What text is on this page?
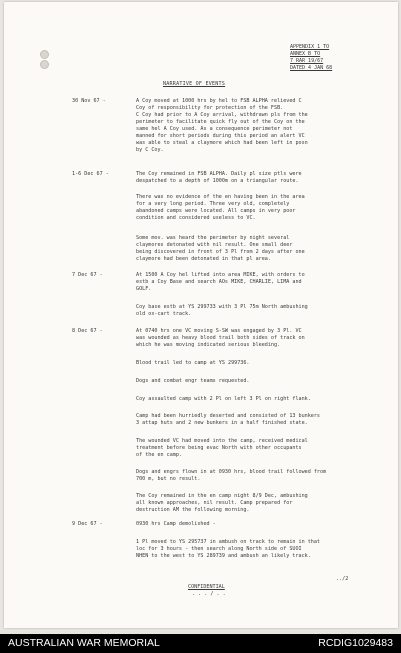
APPENDIX 1 TO
ANNEX B TO
7 RAR 19/67
DATED 4 JAN 68
NARRATIVE OF EVENTS
30 Nov 67 -	A Coy moved at 1000 hrs by hel to FSB ALPHA relieved C
Coy of responsibility for protection of the FSB.
C Coy had prior to A Coy arrival, withdrawn pls from the
perimeter to facilitate quick fly out of the Coy on the
same hel A Coy used. As a consequence perimeter not
manned for short periods during this period an alert VC
was able to steal a claymore which had been left in posn
by C Coy.
1-6 Dec 67 -	The Coy remained in FSB ALPHA. Daily pl size ptls were
despatched to a depth of 1000m on a triangular route.
There was no evidence of the en having been in the area
for a very long period. Three very old, completely
abandoned camps were located. All camps in very poor
condition and considered useless to VC.
Some mov. was heard the perimeter by night several
claymores detonated with nil result. One small deer
being discovered in front of 3 Pl from 2 days after one
claymore had been detonated in that pl area.
7 Dec 67 -	At 1500 A Coy hel lifted into area MIKE, with orders to
estb a Coy Base and search AOs MIKE, CHARLIE, LIMA and
GOLF.
Coy base estb at YS 299733 with 3 Pl 75m North ambushing
old ox-cart track.
8 Dec 67 -	At 0740 hrs one VC moving S-SW was engaged by 3 Pl. VC
was wounded as heavy blood trail both sides of track on
which he was moving indicated serious bleeding.
Blood trail led to camp at YS 299736.
Dogs and combat engr teams requested.
Coy assaulted camp with 2 Pl on left 3 Pl on right flank.
Camp had been hurriedly deserted and consisted of 13 bunkers
3 attap huts and 2 new bunkers in a half finished state.
The wounded VC had moved into the camp, received medical
treatment before being evac North with other occupants
of the en camp.
Dogs and engrs flown in at 0930 hrs, blood trail followed from
700 m, but no result.
The Coy remained in the en camp night 8/9 Dec, ambushing
all known approaches, nil result. Camp prepared for
destruction AM the following morning.
9 Dec 67 -	0930 hrs Camp demolished -
1 Pl moved to YS 295737 in ambush on track to remain in that
loc for 3 hours - then search along North side of SUOI
NHEN to the west to YS 289739 and ambush an likely track.
../2
CONFIDENTIAL
. . . / . .
AUSTRALIAN WAR MEMORIAL	RCDIG1029483
